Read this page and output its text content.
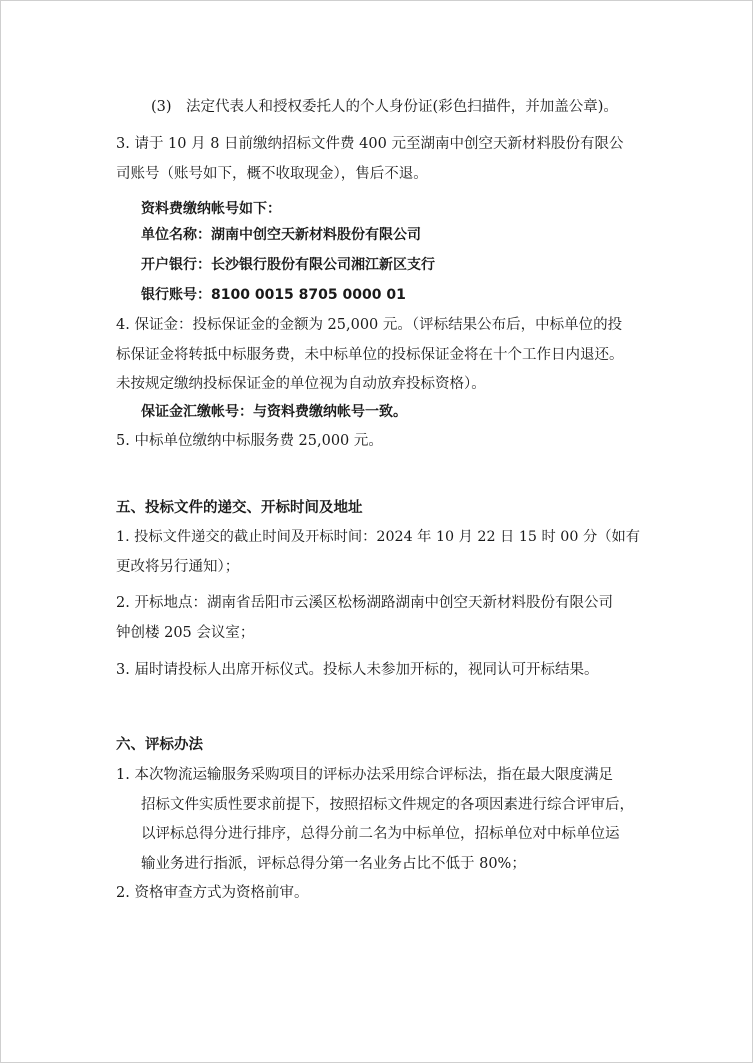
(3)　法定代表人和授权委托人的个人身份证(彩色扫描件，并加盖公章)。
3. 请于 10 月 8 日前缴纳招标文件费 400 元至湖南中创空天新材料股份有限公
司账号（账号如下，概不收取现金），售后不退。
资料费缴纳帐号如下：
单位名称：湖南中创空天新材料股份有限公司
开户银行：长沙银行股份有限公司湘江新区支行
银行账号：8100 0015 8705 0000 01
4. 保证金：投标保证金的金额为 25,000 元。（评标结果公布后，中标单位的投
标保证金将转抵中标服务费，未中标单位的投标保证金将在十个工作日内退还。
未按规定缴纳投标保证金的单位视为自动放弃投标资格）。
保证金汇缴帐号：与资料费缴纳帐号一致。
5. 中标单位缴纳中标服务费 25,000 元。
五、投标文件的递交、开标时间及地址
1. 投标文件递交的截止时间及开标时间：2024 年 10 月 22 日 15 时 00 分（如有
更改将另行通知）；
2. 开标地点：湖南省岳阳市云溪区松杨湖路湖南中创空天新材料股份有限公司
钟创楼 205 会议室；
3. 届时请投标人出席开标仪式。投标人未参加开标的，视同认可开标结果。
六、评标办法
1. 本次物流运输服务采购项目的评标办法采用综合评标法，指在最大限度满足
招标文件实质性要求前提下，按照招标文件规定的各项因素进行综合评审后，
以评标总得分进行排序，总得分前二名为中标单位，招标单位对中标单位运
输业务进行指派，评标总得分第一名业务占比不低于 80%；
2. 资格审查方式为资格前审。
